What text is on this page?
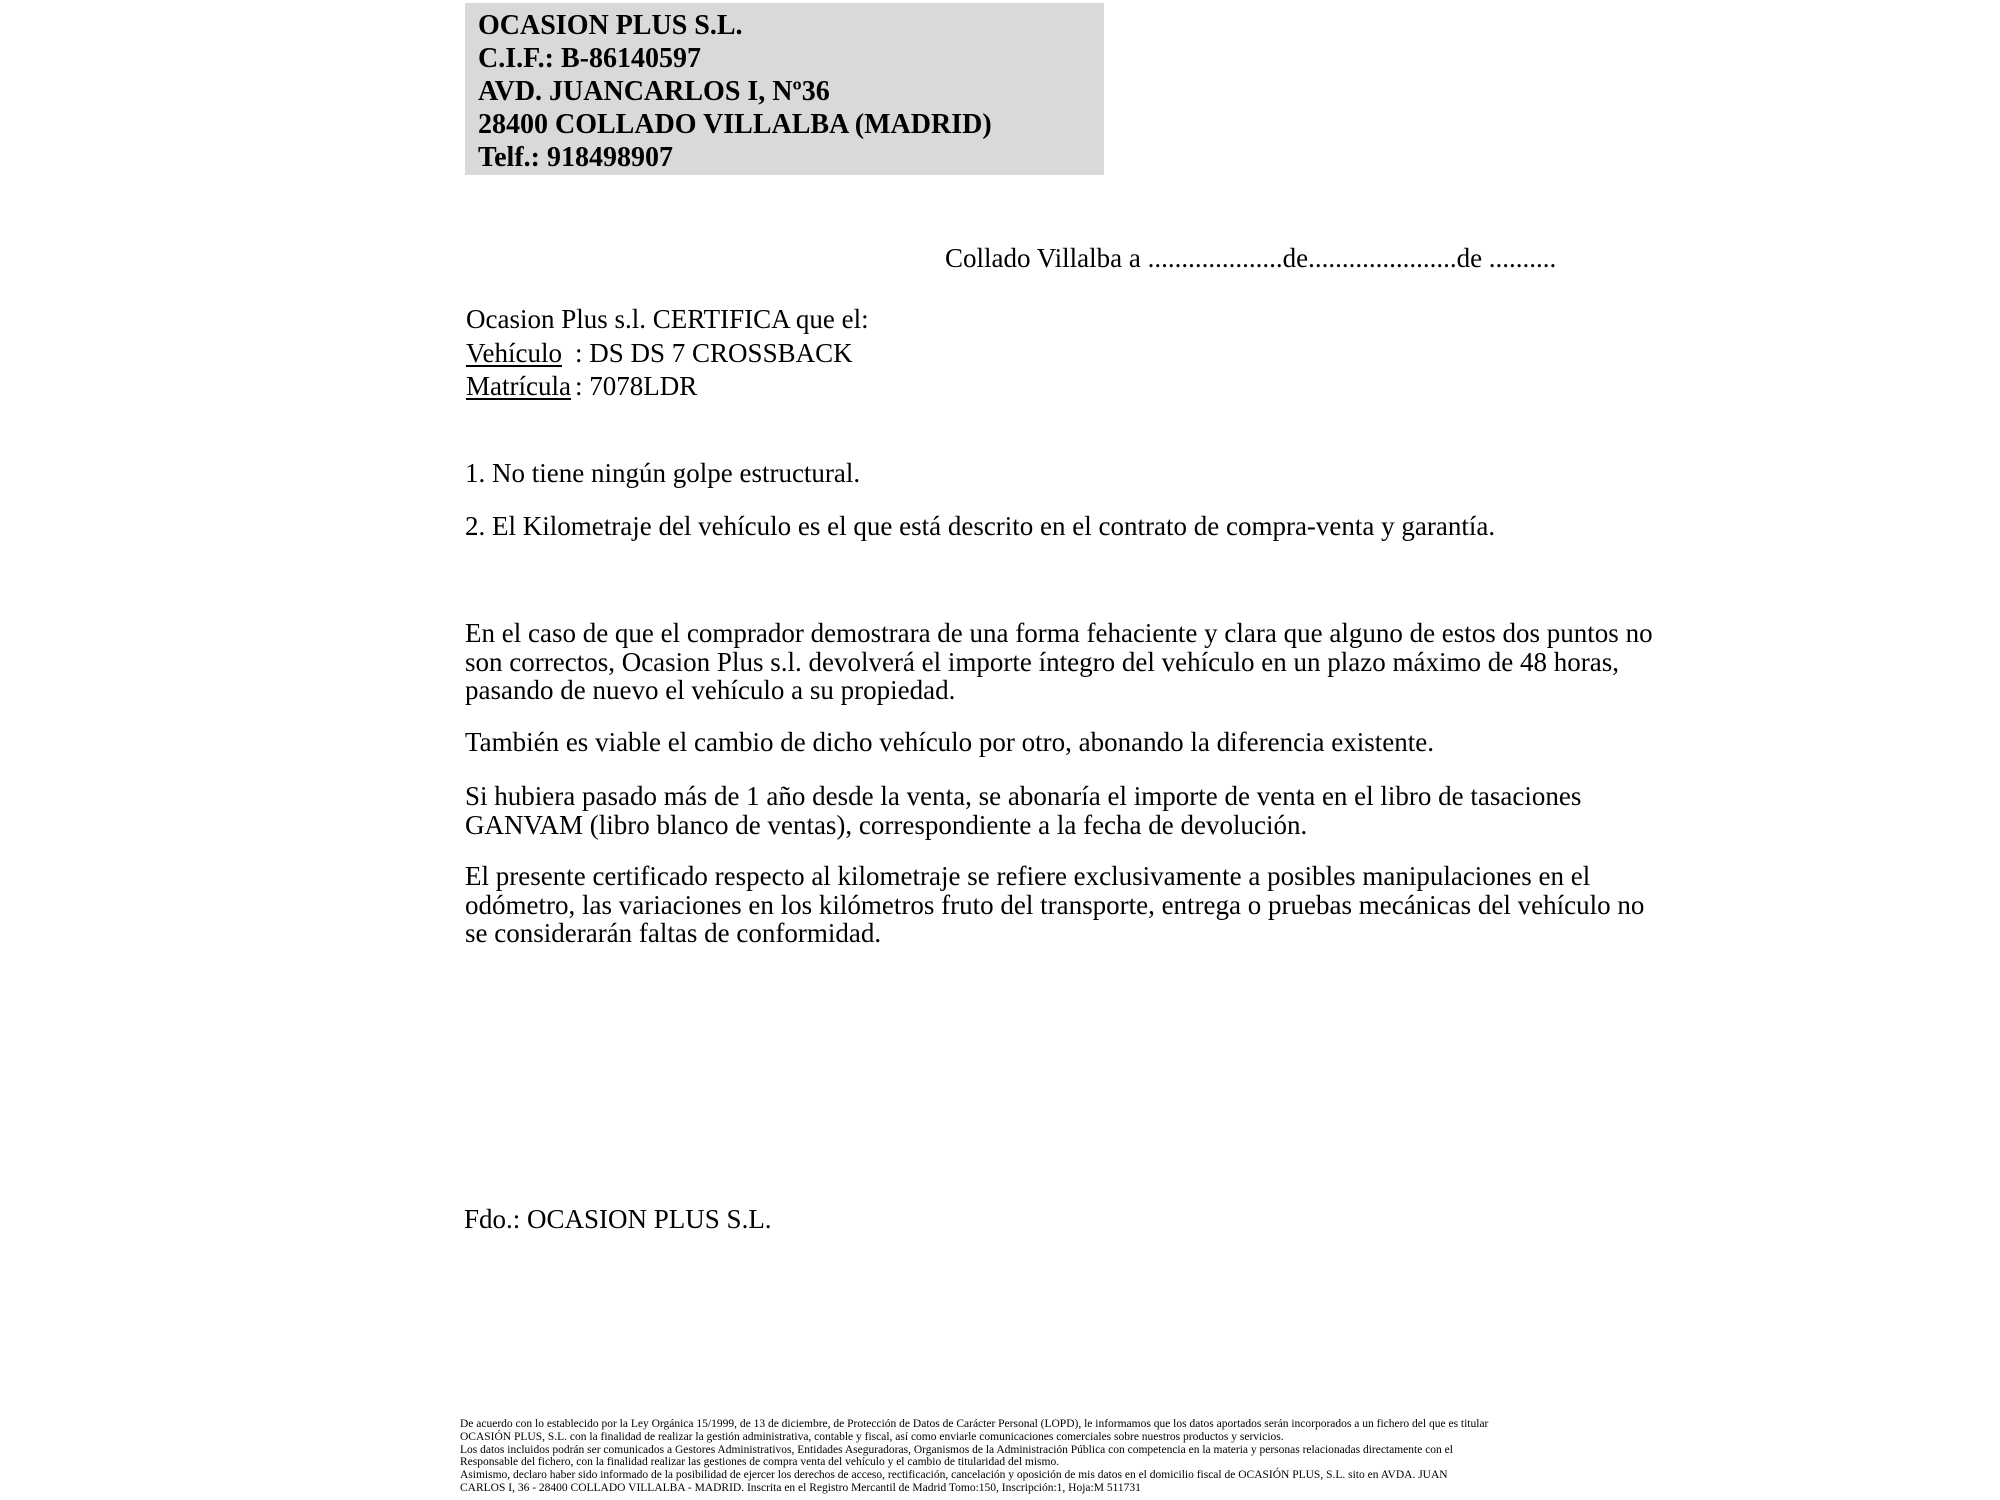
OCASION PLUS S.L.
C.I.F.: B-86140597
AVD. JUANCARLOS I, Nº36
28400 COLLADO VILLALBA (MADRID)
Telf.: 918498907
Collado Villalba a ....................de......................de ..........
Ocasion Plus s.l. CERTIFICA que el:
Vehículo : DS DS 7 CROSSBACK
Matrícula : 7078LDR
1. No tiene ningún golpe estructural.
2. El Kilometraje del vehículo es el que está descrito en el contrato de compra-venta y garantía.
En el caso de que el comprador demostrara de una forma fehaciente y clara que alguno de estos dos puntos no
son correctos, Ocasion Plus s.l. devolverá el importe íntegro del vehículo en un plazo máximo de 48 horas,
pasando de nuevo el vehículo a su propiedad.
También es viable el cambio de dicho vehículo por otro, abonando la diferencia existente.
Si hubiera pasado más de 1 año desde la venta, se abonaría el importe de venta en el libro de tasaciones
GANVAM (libro blanco de ventas), correspondiente a la fecha de devolución.
El presente certificado respecto al kilometraje se refiere exclusivamente a posibles manipulaciones en el
odómetro, las variaciones en los kilómetros fruto del transporte, entrega o pruebas mecánicas del vehículo no
se considerarán faltas de conformidad.
Fdo.: OCASION PLUS S.L.
De acuerdo con lo establecido por la Ley Orgánica 15/1999, de 13 de diciembre, de Protección de Datos de Carácter Personal (LOPD), le informamos que los datos aportados serán incorporados a un fichero del que es titular
OCASIÓN PLUS, S.L. con la finalidad de realizar la gestión administrativa, contable y fiscal, así como enviarle comunicaciones comerciales sobre nuestros productos y servicios.
Los datos incluidos podrán ser comunicados a Gestores Administrativos, Entidades Aseguradoras, Organismos de la Administración Pública con competencia en la materia y personas relacionadas directamente con el
Responsable del fichero, con la finalidad realizar las gestiones de compra venta del vehículo y el cambio de titularidad del mismo.
Asimismo, declaro haber sido informado de la posibilidad de ejercer los derechos de acceso, rectificación, cancelación y oposición de mis datos en el domicilio fiscal de OCASIÓN PLUS, S.L. sito en AVDA. JUAN
CARLOS I, 36 - 28400 COLLADO VILLALBA - MADRID. Inscrita en el Registro Mercantil de Madrid Tomo:150, Inscripción:1, Hoja:M 511731
